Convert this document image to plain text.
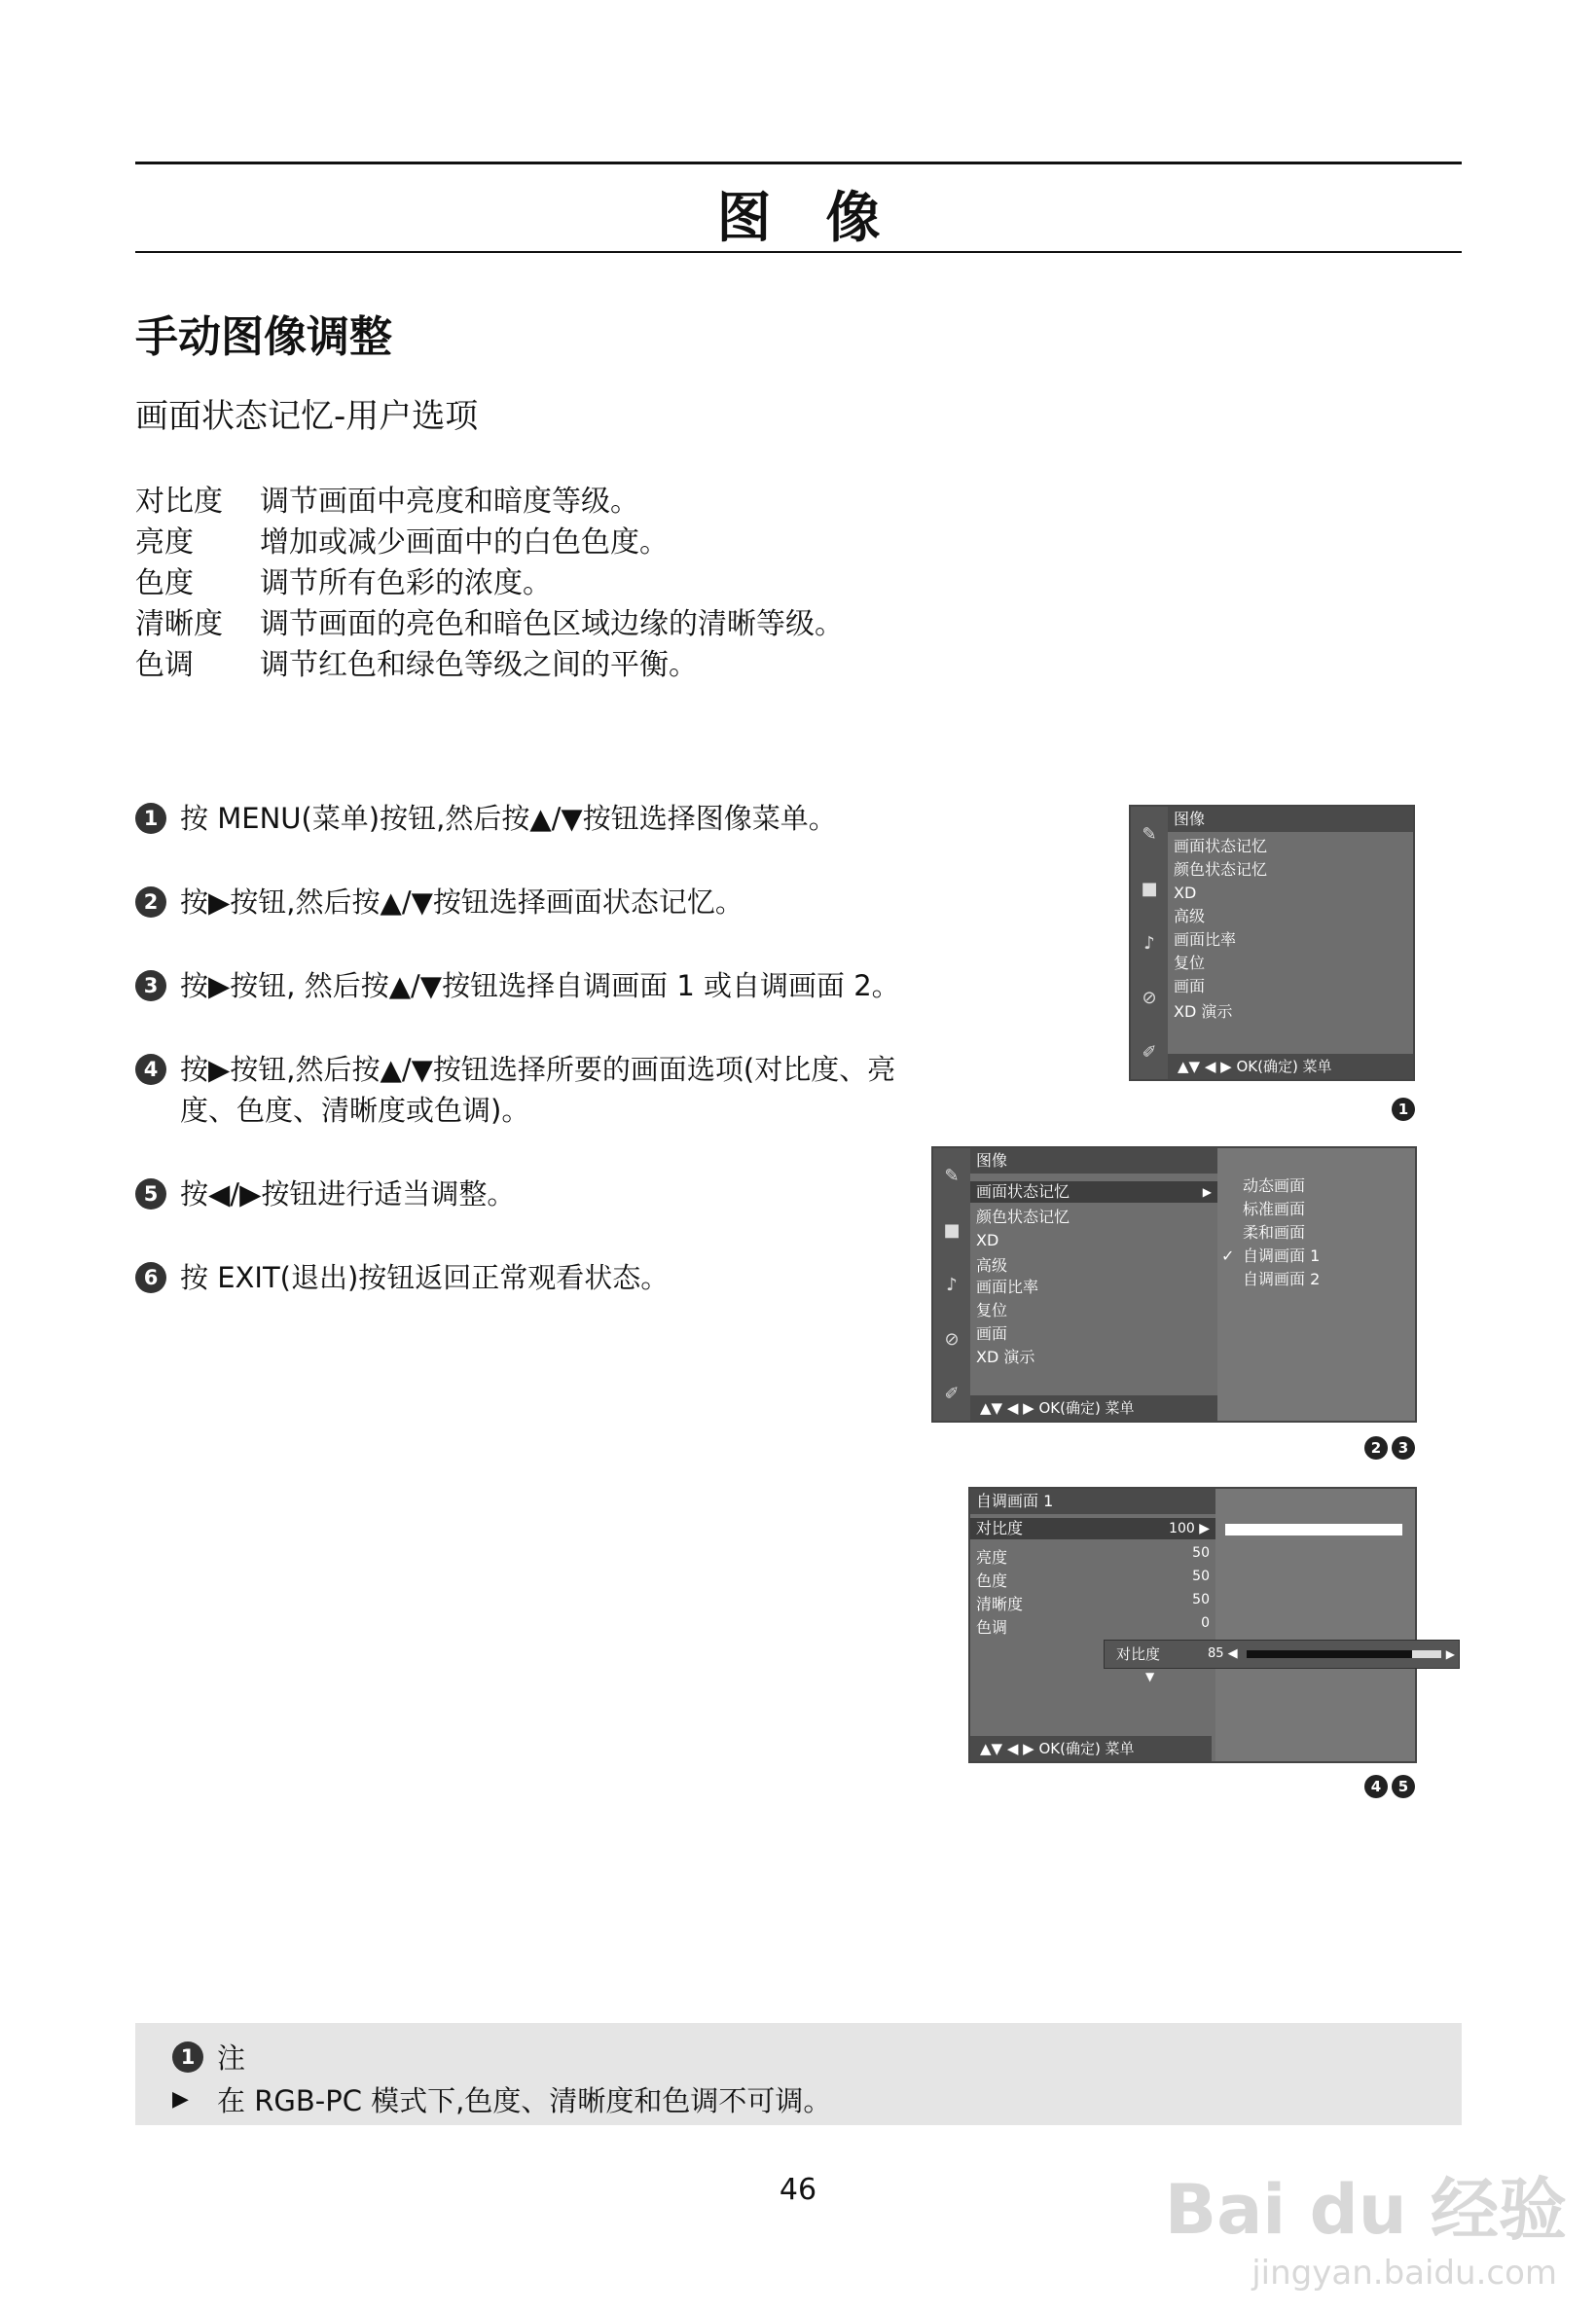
图 像
手动图像调整
画面状态记忆-用户选项
对比度	调节画面中亮度和暗度等级。
亮度	增加或减少画面中的白色色度。
色度	调节所有色彩的浓度。
清晰度	调节画面的亮色和暗色区域边缘的清晰等级。
色调	调节红色和绿色等级之间的平衡。
1 按 MENU(菜单)按钮,然后按▲/▼按钮选择图像菜单。
2 按▶按钮,然后按▲/▼按钮选择画面状态记忆。
3 按▶按钮, 然后按▲/▼按钮选择自调画面 1 或自调画面 2。
4 按▶按钮,然后按▲/▼按钮选择所要的画面选项(对比度、亮度、色度、清晰度或色调)。
5 按◀/▶按钮进行适当调整。
6 按 EXIT(退出)按钮返回正常观看状态。
✎
■
♪
⊘
✐
图像
画面状态记忆
颜色状态记忆
XD
高级
画面比率
复位
画面
XD 演示
▲▼ ◀ ▶ OK(确定) 菜单
1
✎
■
♪
⊘
✐
图像
画面状态记忆	▶
颜色状态记忆
XD
高级
画面比率
复位
画面
XD 演示
▲▼ ◀ ▶ OK(确定) 菜单
动态画面
标准画面
柔和画面
✓ 自调画面 1
自调画面 2
2	3
自调画面 1
对比度	100 ▶
亮度	50
色度	50
清晰度	50
色调	0
▼
▲▼ ◀ ▶ OK(确定) 菜单
对比度	85 ◀	▶
4	5
1 注
▶	在 RGB-PC 模式下,色度、清晰度和色调不可调。
46	Bai du 经验
jingyan.baidu.com
